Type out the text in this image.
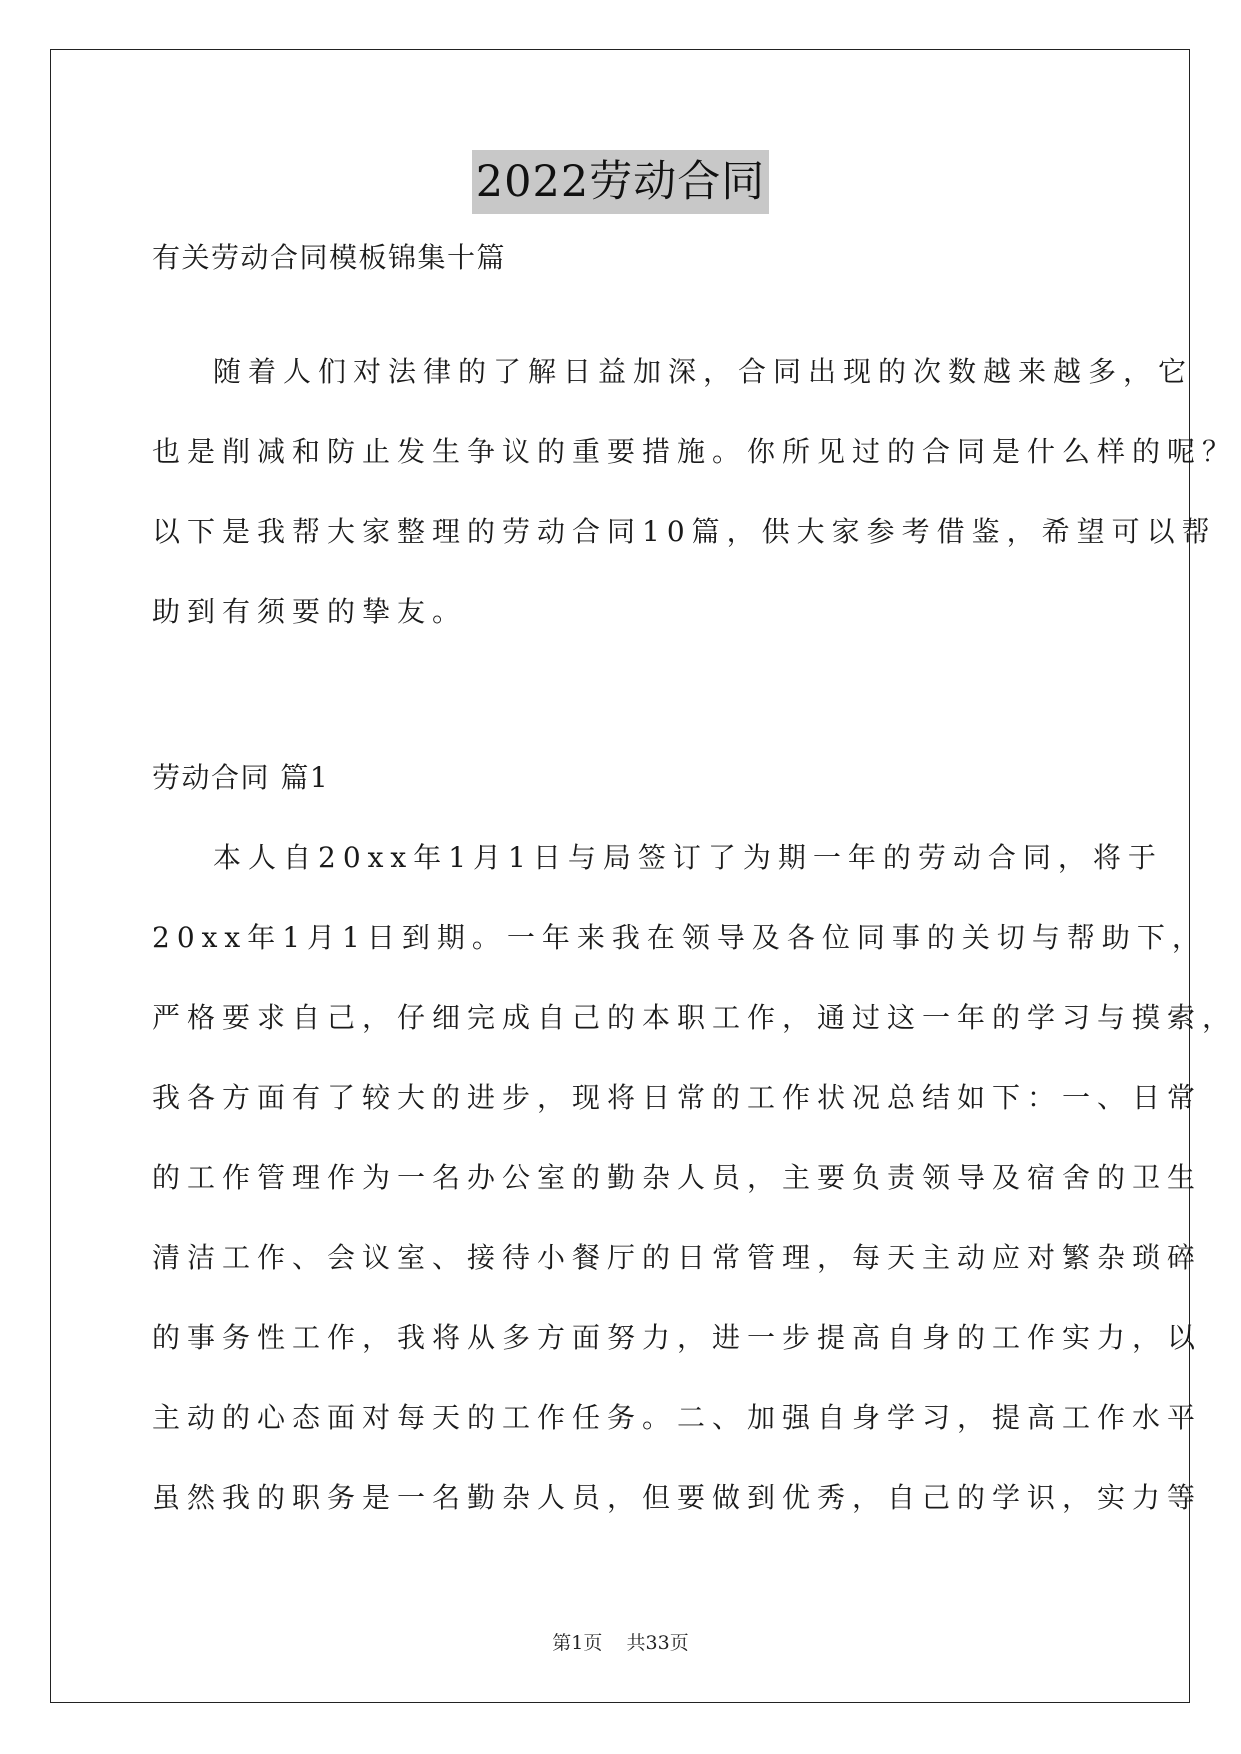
2022劳动合同
有关劳动合同模板锦集十篇
随着人们对法律的了解日益加深，合同出现的次数越来越多，它
也是削减和防止发生争议的重要措施。你所见过的合同是什么样的呢？
以下是我帮大家整理的劳动合同10篇，供大家参考借鉴，希望可以帮
助到有须要的挚友。
劳动合同 篇1
本人自20xx年1月1日与局签订了为期一年的劳动合同，将于
20xx年1月1日到期。一年来我在领导及各位同事的关切与帮助下，
严格要求自己，仔细完成自己的本职工作，通过这一年的学习与摸索，
我各方面有了较大的进步，现将日常的工作状况总结如下：一、日常
的工作管理作为一名办公室的勤杂人员，主要负责领导及宿舍的卫生
清洁工作、会议室、接待小餐厅的日常管理，每天主动应对繁杂琐碎
的事务性工作，我将从多方面努力，进一步提高自身的工作实力，以
主动的心态面对每天的工作任务。二、加强自身学习，提高工作水平
虽然我的职务是一名勤杂人员，但要做到优秀，自己的学识，实力等
第1页 共33页
